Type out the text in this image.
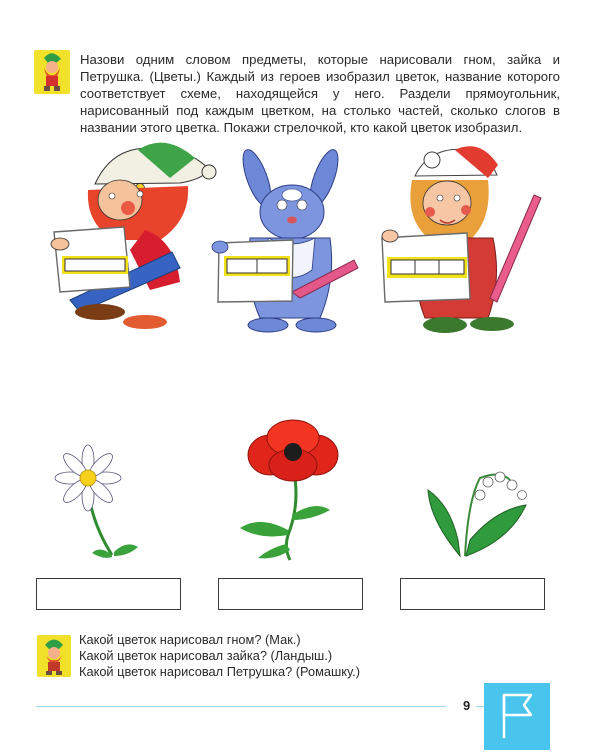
Назови одним словом предметы, которые нарисовали гном, зайка и Петрушка. (Цветы.) Каждый из героев изобразил цветок, название которого соответствует схеме, находящейся у него. Раздели прямоугольник, нарисованный под каждым цветком, на столько частей, сколько слогов в названии этого цветка. Покажи стрелочкой, кто какой цветок изобразил.
Какой цветок нарисовал гном? (Мак.)
Какой цветок нарисовал зайка? (Ландыш.)
Какой цветок нарисовал Петрушка? (Ромашку.)
9
